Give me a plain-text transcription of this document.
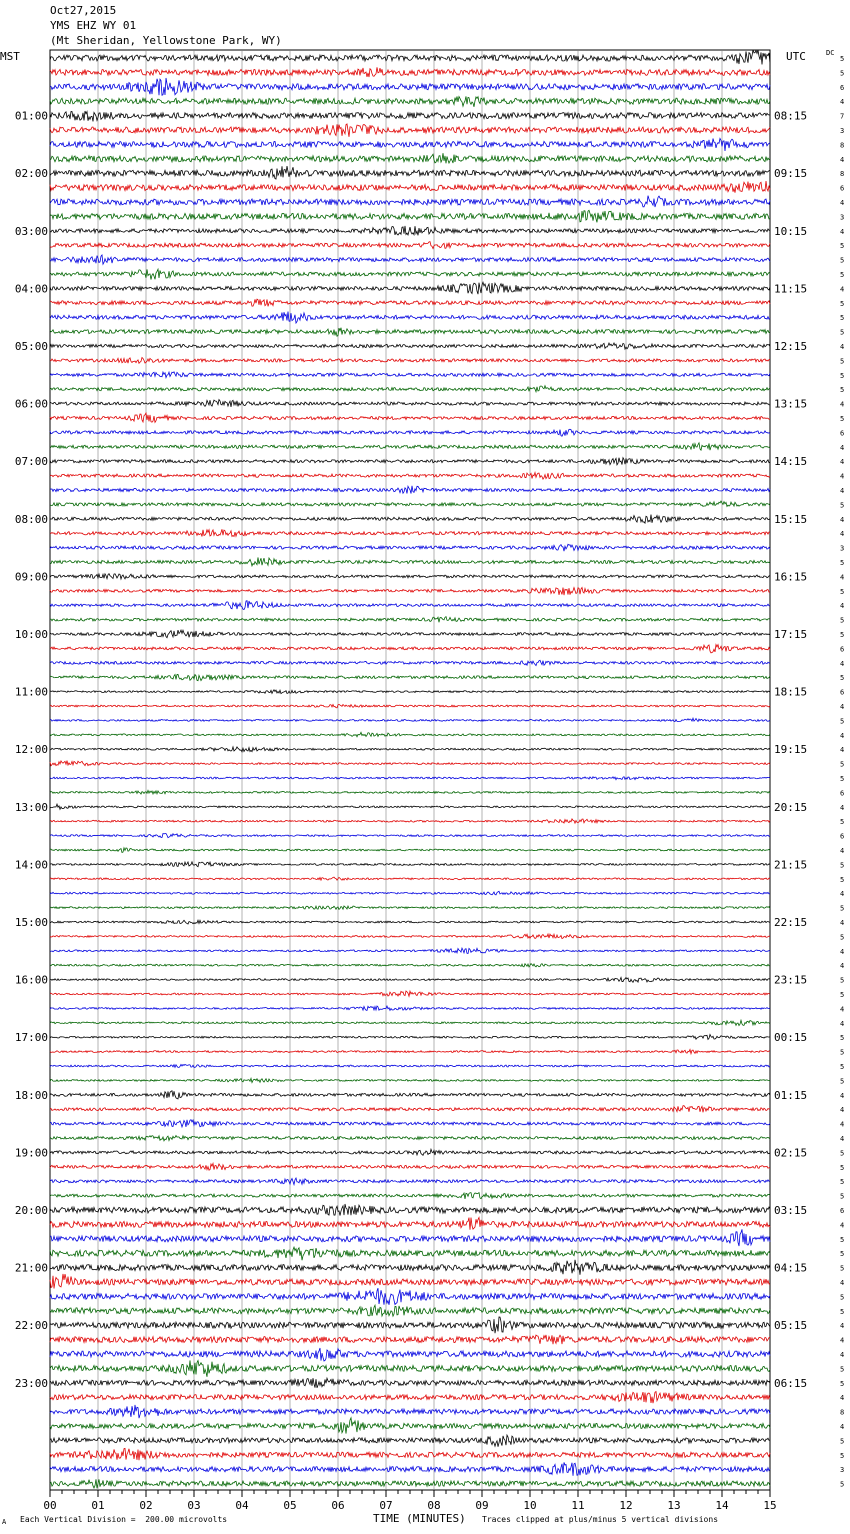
Oct27,2015
YMS EHZ WY 01
(Mt Sheridan, Yellowstone Park, WY)
MST	UTC	DC
00	01	02	03	04	05	06	07	08	09	10	11	12	13	14	15
5
5
6
4
7
3
8
4
8
6
4
3
4
5
5
5
4
5
5
5
4
5
5
5
4
5
6
4
4
4
4
5
4
4
3
5
4
5
4
5
5
6
4
5
6
4
5
4
4
5
5
6
4
5
6
4
5
5
4
5
4
5
4
4
5
5
4
4
5
5
5
5
4
4
4
4
5
5
5
5
6
4
5
5
5
4
5
5
4
4
4
5
5
4
8
4
5
5
3
5
01:00	08:15
02:00	09:15
03:00	10:15
04:00	11:15
05:00	12:15
06:00	13:15
07:00	14:15
08:00	15:15
09:00	16:15
10:00	17:15
11:00	18:15
12:00	19:15
13:00	20:15
14:00	21:15
15:00	22:15
16:00	23:15
17:00	00:15
18:00	01:15
19:00	02:15
20:00	03:15
21:00	04:15
22:00	05:15
23:00	06:15
A Each Vertical Division =  200.00 microvolts	TIME (MINUTES) Traces clipped at plus/minus 5 vertical divisions
